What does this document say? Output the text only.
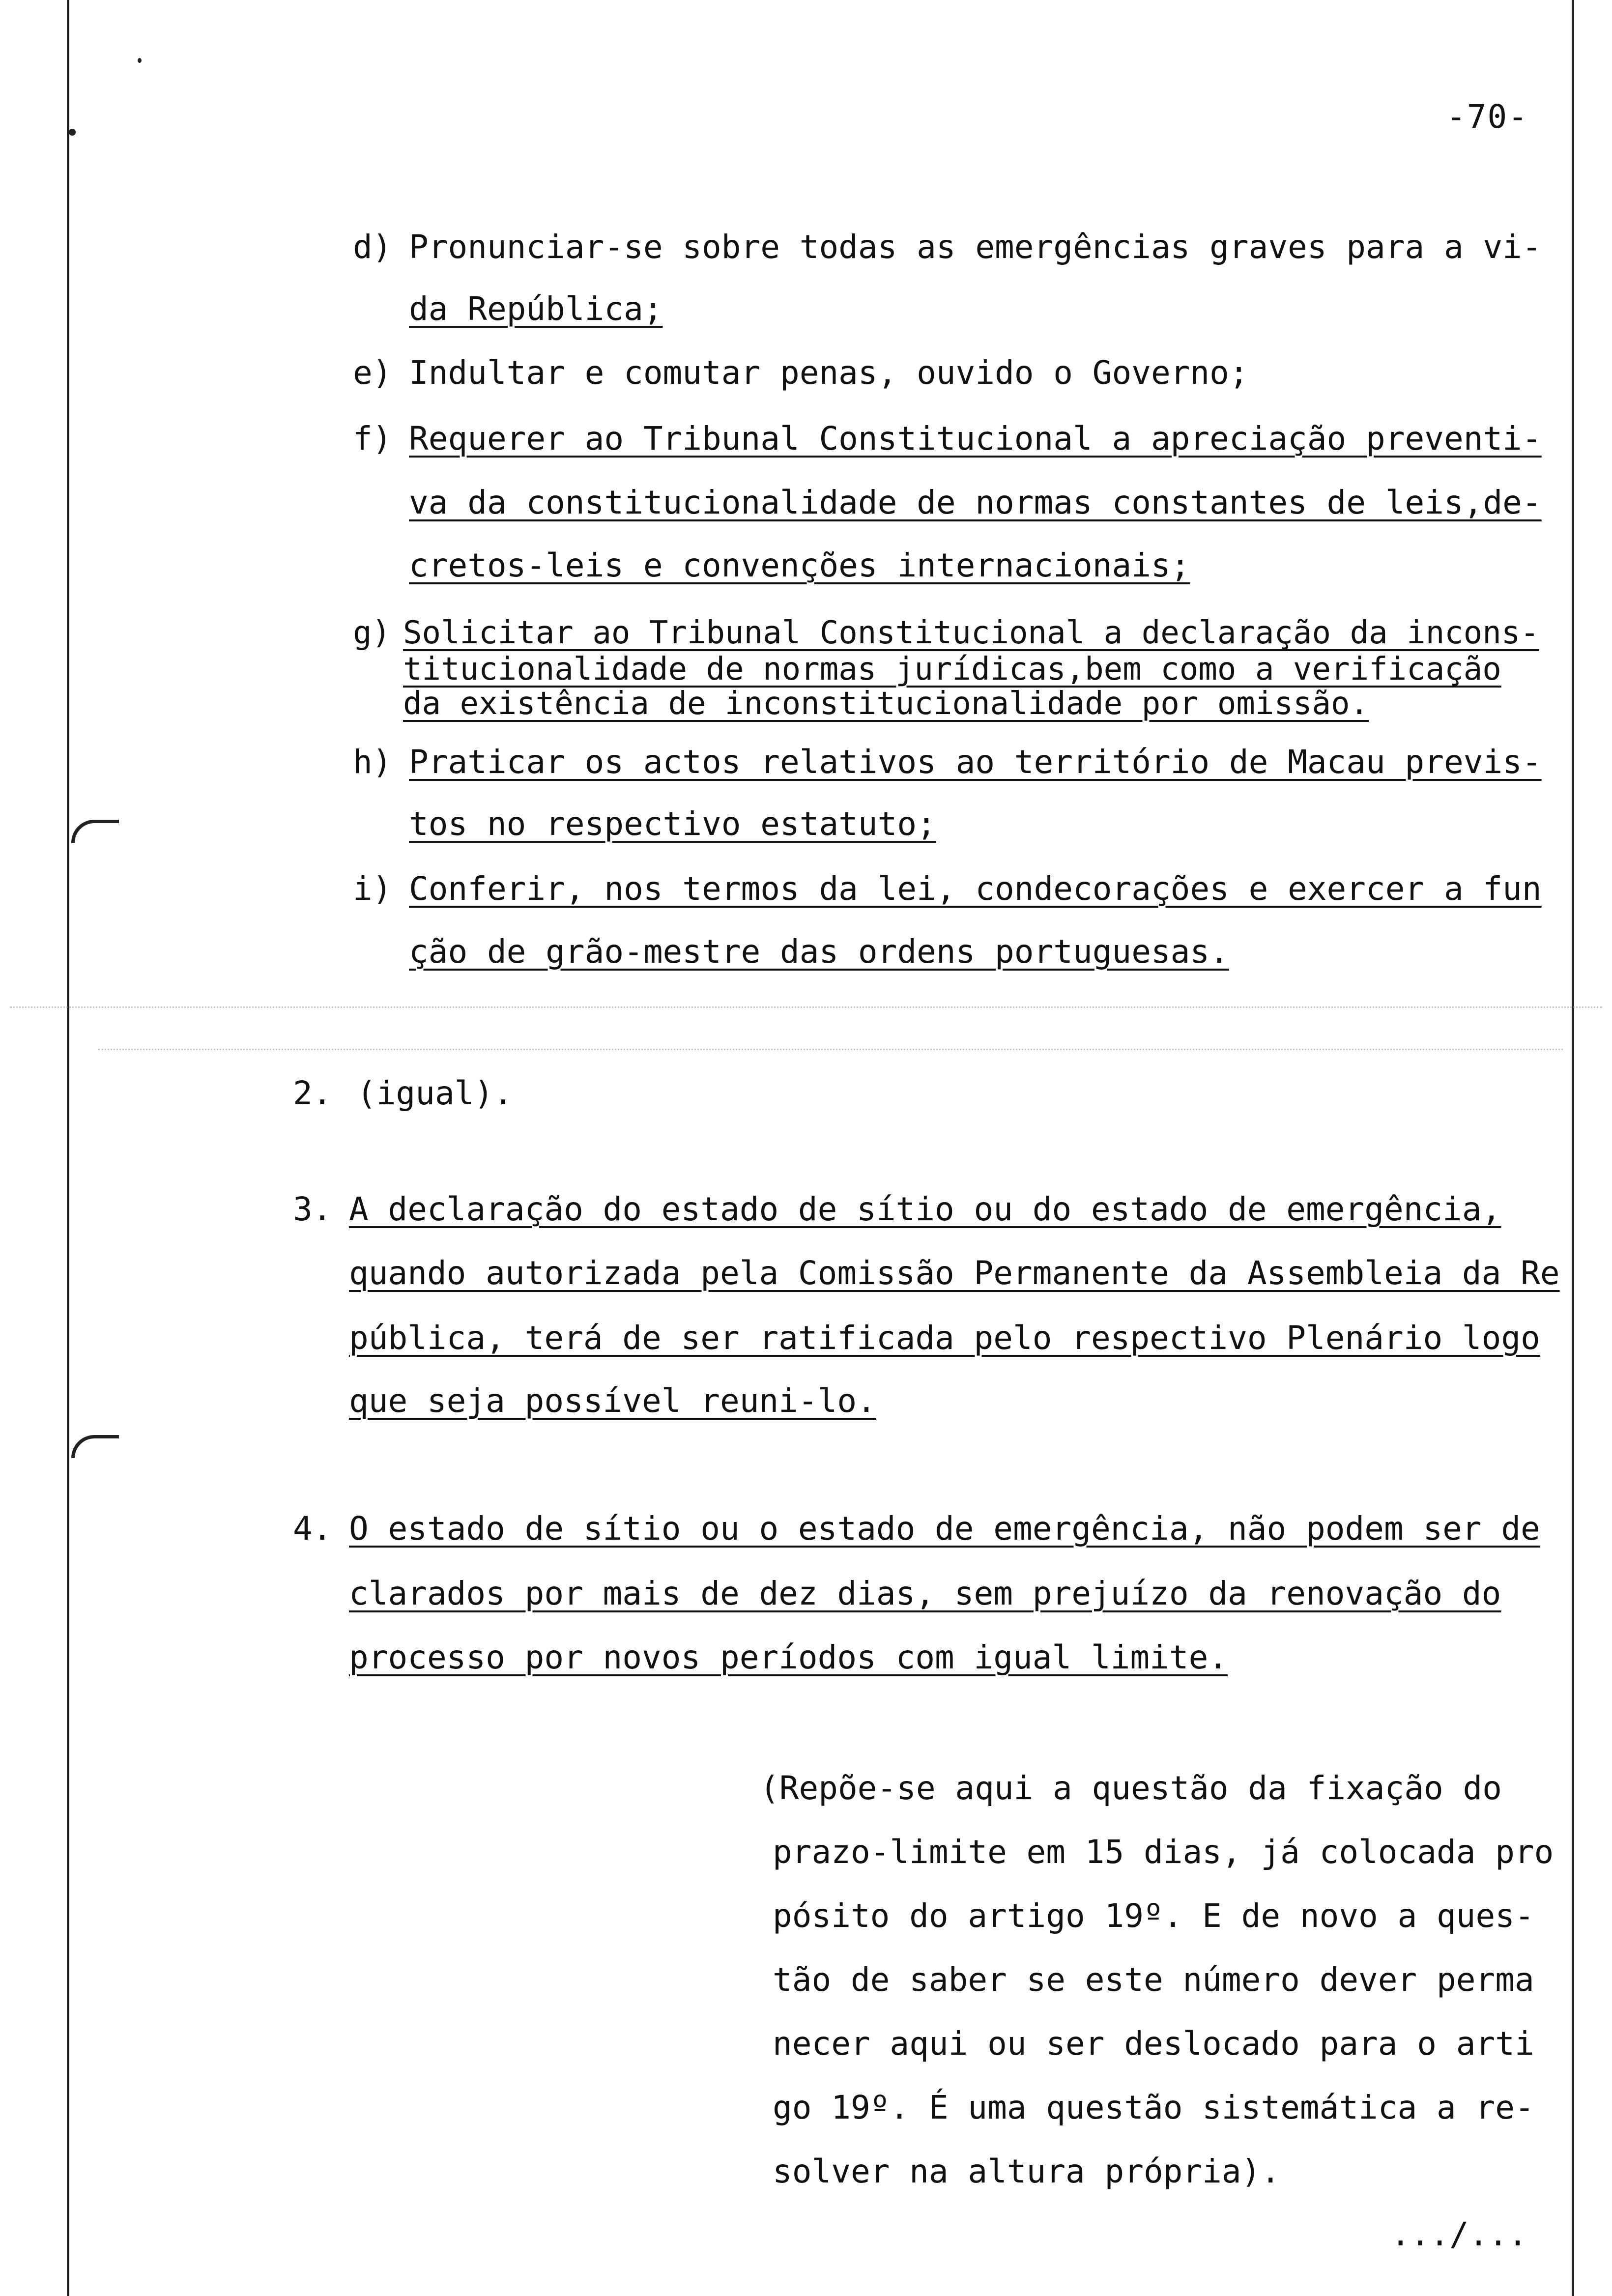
-70-
d) Pronunciar-se sobre todas as emergências graves para a vi-
da República;
e) Indultar e comutar penas, ouvido o Governo;
f) Requerer ao Tribunal Constitucional a apreciação preventi-
va da constitucionalidade de normas constantes de leis,de-
cretos-leis e convenções internacionais;
g) Solicitar ao Tribunal Constitucional a declaração da incons-
titucionalidade de normas jurídicas,bem como a verificação
da existência de inconstitucionalidade por omissão.
h) Praticar os actos relativos ao território de Macau previs-
tos no respectivo estatuto;
i) Conferir, nos termos da lei, condecorações e exercer a fun
ção de grão-mestre das ordens portuguesas.
2. (igual).
3. A declaração do estado de sítio ou do estado de emergência,
quando autorizada pela Comissão Permanente da Assembleia da Re
pública, terá de ser ratificada pelo respectivo Plenário logo
que seja possível reuni-lo.
4. O estado de sítio ou o estado de emergência, não podem ser de
clarados por mais de dez dias, sem prejuízo da renovação do
processo por novos períodos com igual limite.
(Repõe-se aqui a questão da fixação do
prazo-limite em 15 dias, já colocada pro
pósito do artigo 19º. E de novo a ques-
tão de saber se este número dever perma
necer aqui ou ser deslocado para o arti
go 19º. É uma questão sistemática a re-
solver na altura própria).
.../...
